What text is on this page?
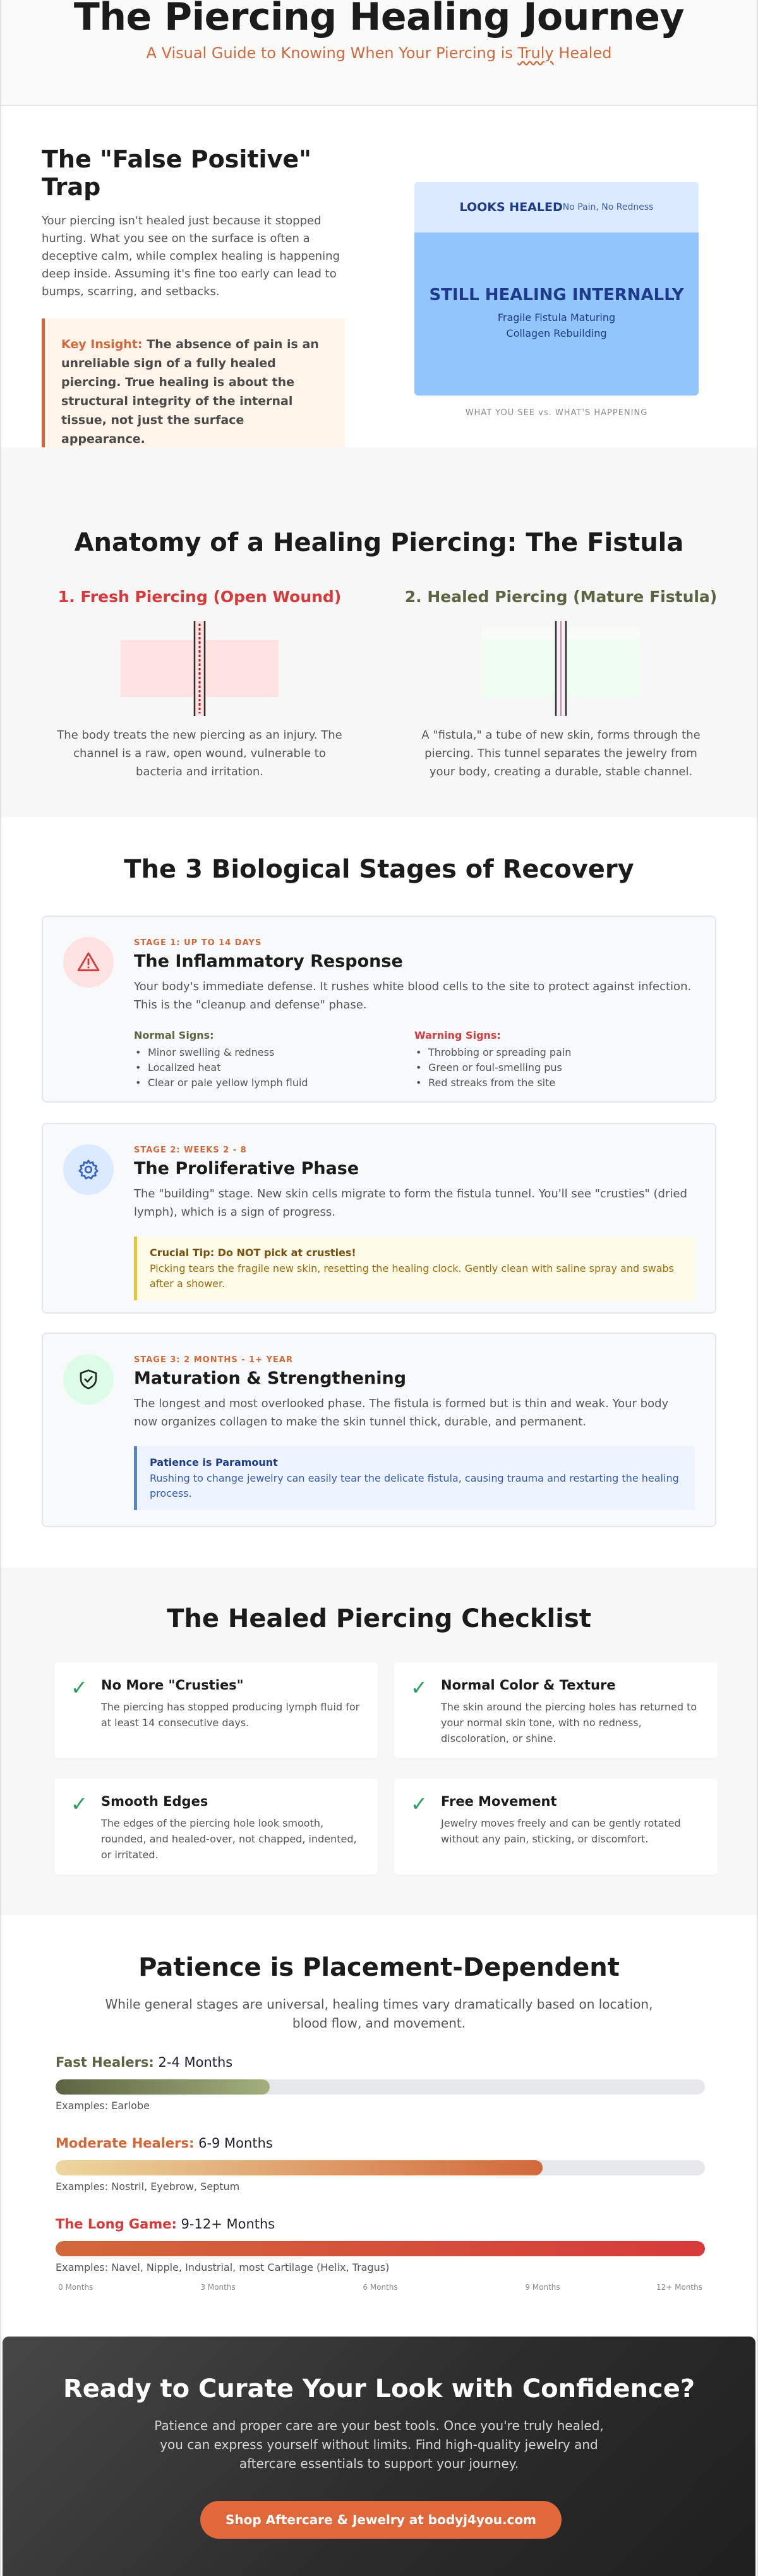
The Piercing Healing Journey
A Visual Guide to Knowing When Your Piercing is Truly Healed
The "False Positive" Trap

Your piercing isn't healed just because it stopped hurting. What you see on the surface is often a deceptive calm, while complex healing is happening deep inside. Assuming it's fine too early can lead to bumps, scarring, and setbacks.

Key Insight: The absence of pain is an unreliable sign of a fully healed piercing. True healing is about the structural integrity of the internal tissue, not just the surface appearance.
LOOKS HEALED No Pain, No Redness
STILL HEALING INTERNALLY
Fragile Fistula Maturing
Collagen Rebuilding
WHAT YOU SEE vs. WHAT'S HAPPENING
Anatomy of a Healing Piercing: The Fistula
1. Fresh Piercing (Open Wound)

The body treats the new piercing as an injury. The channel is a raw, open wound, vulnerable to bacteria and irritation.

2. Healed Piercing (Mature Fistula)

A "fistula," a tube of new skin, forms through the piercing. This tunnel separates the jewelry from your body, creating a durable, stable channel.

The 3 Biological Stages of Recovery
STAGE 1: UP TO 14 DAYS
The Inflammatory Response

Your body's immediate defense. It rushes white blood cells to the site to protect against infection. This is the "cleanup and defense" phase.

Normal Signs:
• Minor swelling & redness
• Localized heat
• Clear or pale yellow lymph fluid
Warning Signs:
• Throbbing or spreading pain
• Green or foul-smelling pus
• Red streaks from the site
STAGE 2: WEEKS 2 - 8
The Proliferative Phase

The "building" stage. New skin cells migrate to form the fistula tunnel. You'll see "crusties" (dried lymph), which is a sign of progress.

Crucial Tip: Do NOT pick at crusties!
Picking tears the fragile new skin, resetting the healing clock. Gently clean with saline spray and swabs after a shower.
STAGE 3: 2 MONTHS - 1+ YEAR
Maturation & Strengthening

The longest and most overlooked phase. The fistula is formed but is thin and weak. Your body now organizes collagen to make the skin tunnel thick, durable, and permanent.

Patience is Paramount
Rushing to change jewelry can easily tear the delicate fistula, causing trauma and restarting the healing process.
The Healed Piercing Checklist
✓ No More "Crusties"

The piercing has stopped producing lymph fluid for at least 14 consecutive days.

✓ Normal Color & Texture

The skin around the piercing holes has returned to your normal skin tone, with no redness, discoloration, or shine.

✓ Smooth Edges

The edges of the piercing hole look smooth, rounded, and healed-over, not chapped, indented, or irritated.

✓ Free Movement

Jewelry moves freely and can be gently rotated without any pain, sticking, or discomfort.

Patience is Placement-Dependent

While general stages are universal, healing times vary dramatically based on location, blood flow, and movement.

Fast Healers: 2-4 Months
Examples: Earlobe
Moderate Healers: 6-9 Months
Examples: Nostril, Eyebrow, Septum
The Long Game: 9-12+ Months
Examples: Navel, Nipple, Industrial, most Cartilage (Helix, Tragus)
0 Months	3 Months	6 Months	9 Months	12+ Months
Ready to Curate Your Look with Confidence?

Patience and proper care are your best tools. Once you're truly healed, you can express yourself without limits. Find high-quality jewelry and aftercare essentials to support your journey.

Shop Aftercare & Jewelry at bodyj4you.com
